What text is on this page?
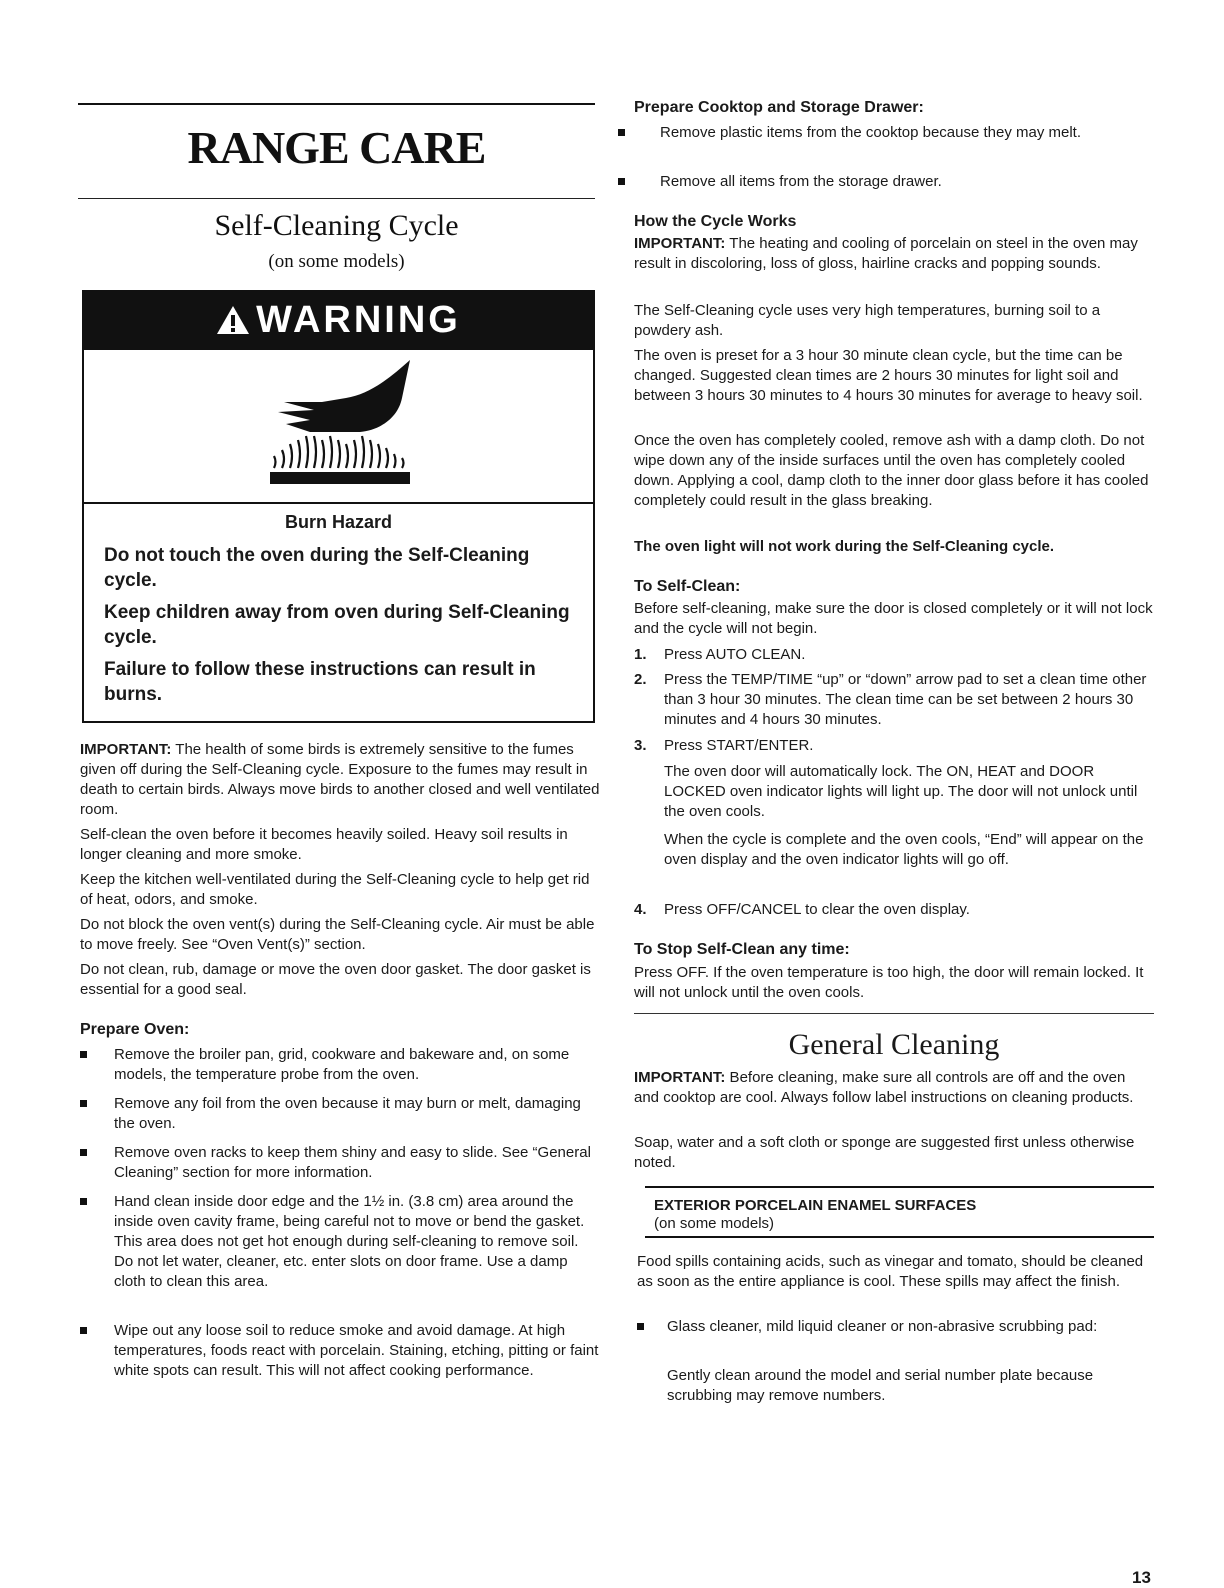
RANGE CARE
Self-Cleaning Cycle
(on some models)
WARNING
Burn Hazard
Do not touch the oven during the Self-Cleaning cycle.
Keep children away from oven during Self-Cleaning cycle.
Failure to follow these instructions can result in burns.
IMPORTANT: The health of some birds is extremely sensitive to the fumes given off during the Self-Cleaning cycle. Exposure to the fumes may result in death to certain birds. Always move birds to another closed and well ventilated room.
Self-clean the oven before it becomes heavily soiled. Heavy soil results in longer cleaning and more smoke.
Keep the kitchen well-ventilated during the Self-Cleaning cycle to help get rid of heat, odors, and smoke.
Do not block the oven vent(s) during the Self-Cleaning cycle. Air must be able to move freely. See “Oven Vent(s)” section.
Do not clean, rub, damage or move the oven door gasket. The door gasket is essential for a good seal.
Prepare Oven:
Remove the broiler pan, grid, cookware and bakeware and, on some models, the temperature probe from the oven.
Remove any foil from the oven because it may burn or melt, damaging the oven.
Remove oven racks to keep them shiny and easy to slide. See “General Cleaning” section for more information.
Hand clean inside door edge and the 1½ in. (3.8 cm) area around the inside oven cavity frame, being careful not to move or bend the gasket. This area does not get hot enough during self-cleaning to remove soil. Do not let water, cleaner, etc. enter slots on door frame. Use a damp cloth to clean this area.
Wipe out any loose soil to reduce smoke and avoid damage. At high temperatures, foods react with porcelain. Staining, etching, pitting or faint white spots can result. This will not affect cooking performance.
Prepare Cooktop and Storage Drawer:
Remove plastic items from the cooktop because they may melt.
Remove all items from the storage drawer.
How the Cycle Works
IMPORTANT: The heating and cooling of porcelain on steel in the oven may result in discoloring, loss of gloss, hairline cracks and popping sounds.
The Self-Cleaning cycle uses very high temperatures, burning soil to a powdery ash.
The oven is preset for a 3 hour 30 minute clean cycle, but the time can be changed. Suggested clean times are 2 hours 30 minutes for light soil and between 3 hours 30 minutes to 4 hours 30 minutes for average to heavy soil.
Once the oven has completely cooled, remove ash with a damp cloth. Do not wipe down any of the inside surfaces until the oven has completely cooled down. Applying a cool, damp cloth to the inner door glass before it has cooled completely could result in the glass breaking.
The oven light will not work during the Self-Cleaning cycle.
To Self-Clean:
Before self-cleaning, make sure the door is closed completely or it will not lock and the cycle will not begin.
1. Press AUTO CLEAN.
2. Press the TEMP/TIME “up” or “down” arrow pad to set a clean time other than 3 hour 30 minutes. The clean time can be set between 2 hours 30 minutes and 4 hours 30 minutes.
3. Press START/ENTER.
The oven door will automatically lock. The ON, HEAT and DOOR LOCKED oven indicator lights will light up. The door will not unlock until the oven cools.
When the cycle is complete and the oven cools, “End” will appear on the oven display and the oven indicator lights will go off.
4. Press OFF/CANCEL to clear the oven display.
To Stop Self-Clean any time:
Press OFF. If the oven temperature is too high, the door will remain locked. It will not unlock until the oven cools.
General Cleaning
IMPORTANT: Before cleaning, make sure all controls are off and the oven and cooktop are cool. Always follow label instructions on cleaning products.
Soap, water and a soft cloth or sponge are suggested first unless otherwise noted.
EXTERIOR PORCELAIN ENAMEL SURFACES
(on some models)
Food spills containing acids, such as vinegar and tomato, should be cleaned as soon as the entire appliance is cool. These spills may affect the finish.
Glass cleaner, mild liquid cleaner or non-abrasive scrubbing pad:
Gently clean around the model and serial number plate because scrubbing may remove numbers.
13
